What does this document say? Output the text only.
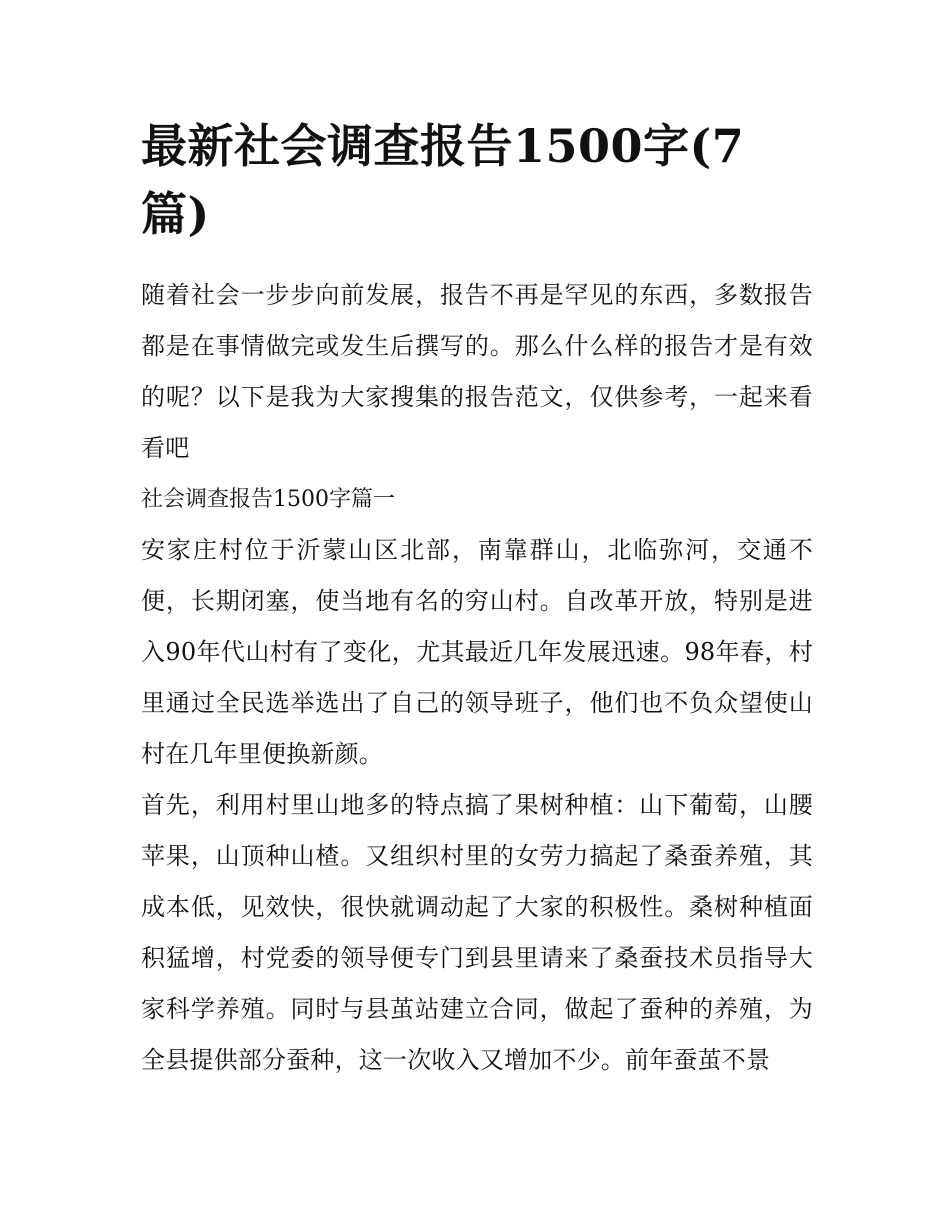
最新社会调查报告1500字(7篇)

随着社会一步步向前发展，报告不再是罕见的东西，多数报告都是在事情做完或发生后撰写的。那么什么样的报告才是有效的呢？以下是我为大家搜集的报告范文，仅供参考，一起来看看吧

社会调查报告1500字篇一

安家庄村位于沂蒙山区北部，南靠群山，北临弥河，交通不便，长期闭塞，使当地有名的穷山村。自改革开放，特别是进入90年代山村有了变化，尤其最近几年发展迅速。98年春，村里通过全民选举选出了自己的领导班子，他们也不负众望使山村在几年里便换新颜。

首先，利用村里山地多的特点搞了果树种植：山下葡萄，山腰苹果，山顶种山楂。又组织村里的女劳力搞起了桑蚕养殖，其成本低，见效快，很快就调动起了大家的积极性。桑树种植面积猛增，村党委的领导便专门到县里请来了桑蚕技术员指导大家科学养殖。同时与县茧站建立合同，做起了蚕种的养殖，为全县提供部分蚕种，这一次收入又增加不少。前年蚕茧不景
